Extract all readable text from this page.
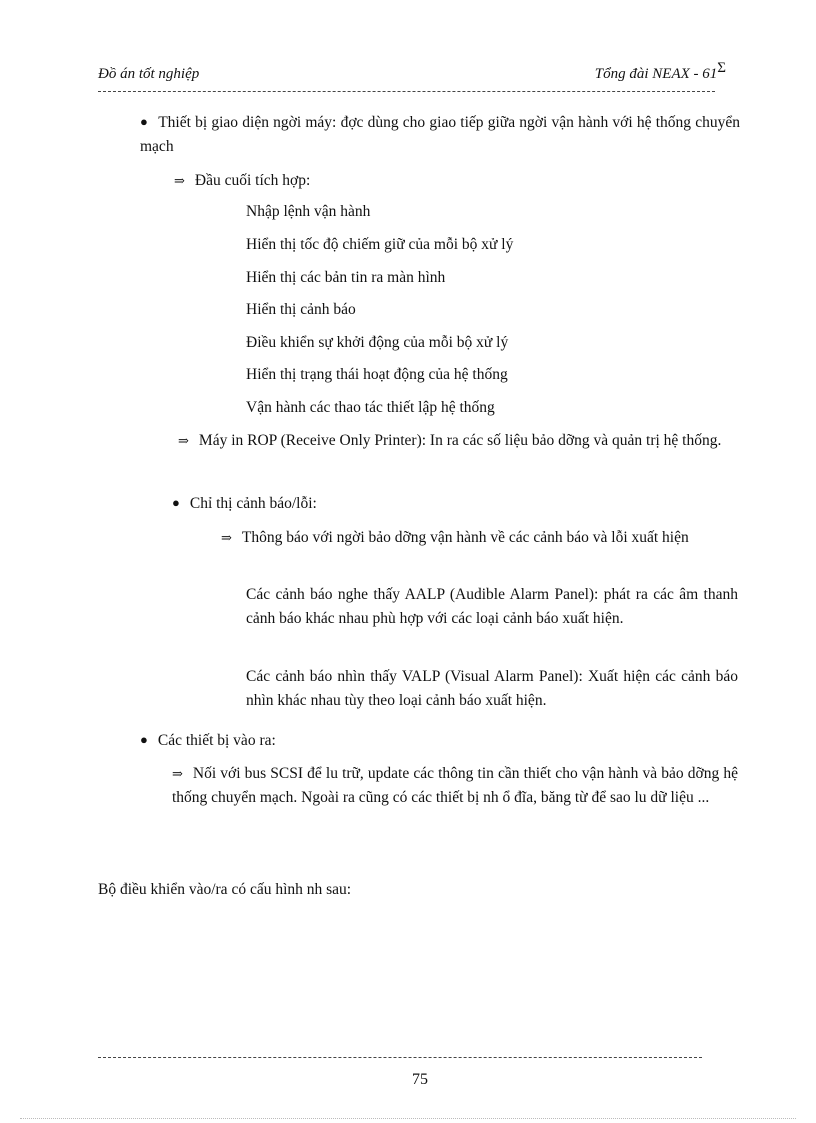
Đồ án tốt nghiệp	Tổng đài NEAX - 61Σ
● Thiết bị giao diện ngời máy: đợc dùng cho giao tiếp giữa ngời vận hành với hệ thống chuyển mạch
⇒ Đầu cuối tích hợp:
Nhập lệnh vận hành
Hiển thị tốc độ chiếm giữ của mỗi bộ xử lý
Hiển thị các bản tin ra màn hình
Hiển thị cảnh báo
Điều khiển sự khởi động của mỗi bộ xử lý
Hiển thị trạng thái hoạt động của hệ thống
Vận hành các thao tác thiết lập hệ thống
⇒ Máy in ROP (Receive Only Printer): In ra các số liệu bảo dỡng và quản trị hệ thống.
● Chỉ thị cảnh báo/lỗi:
⇒ Thông báo với ngời bảo dỡng vận hành về các cảnh báo và lỗi xuất hiện
Các cảnh báo nghe thấy AALP (Audible Alarm Panel): phát ra các âm thanh cảnh báo khác nhau phù hợp với các loại cảnh báo xuất hiện.
Các cảnh báo nhìn thấy VALP (Visual Alarm Panel): Xuất hiện các cảnh báo nhìn khác nhau tùy theo loại cảnh báo xuất hiện.
● Các thiết bị vào ra:
⇒ Nối với bus SCSI để lu trữ, update các thông tin cần thiết cho vận hành và bảo dỡng hệ thống chuyển mạch. Ngoài ra cũng có các thiết bị nh ổ đĩa, băng từ để sao lu dữ liệu ...
Bộ điều khiển vào/ra có cấu hình nh sau:
75
